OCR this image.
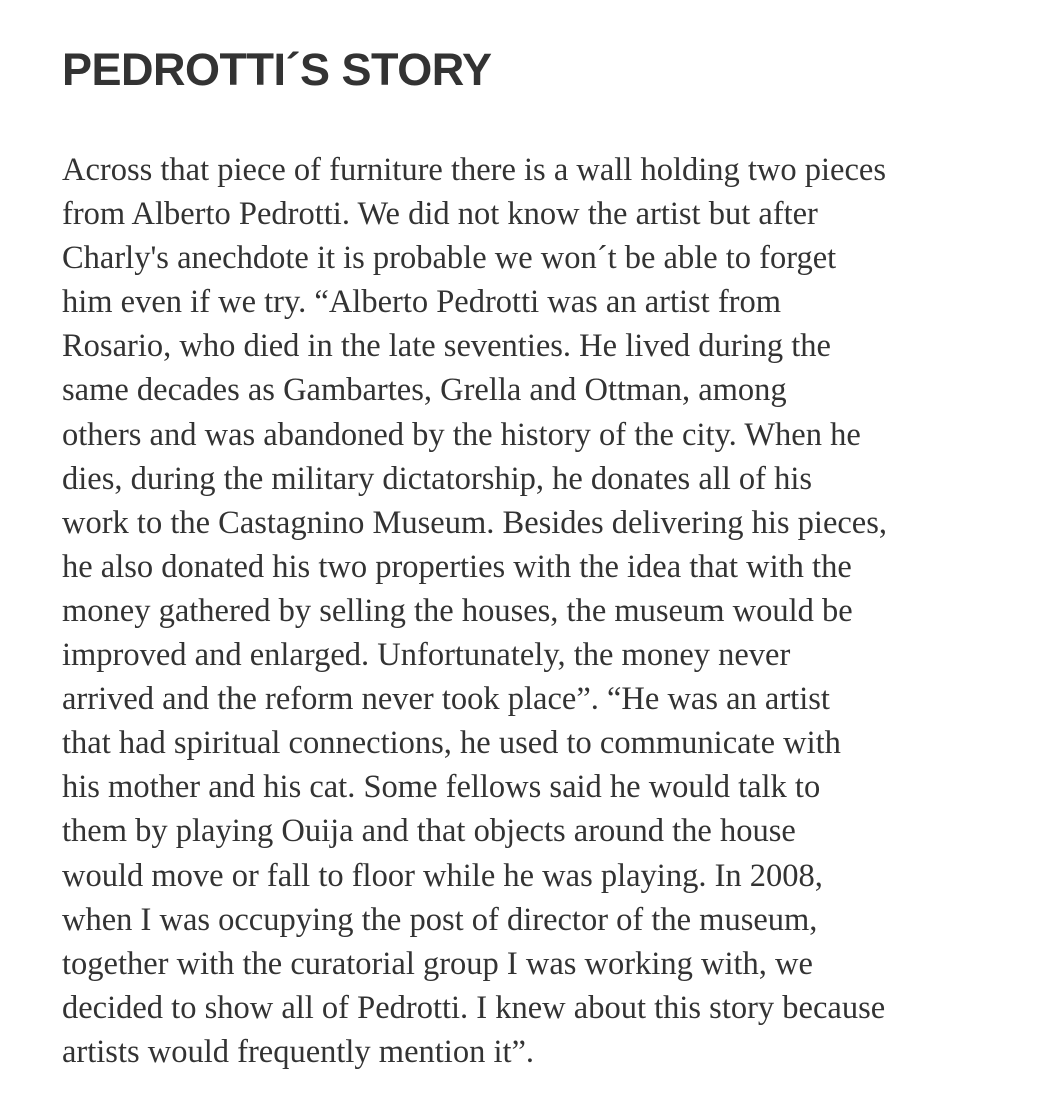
PEDROTTI´S STORY
Across that piece of furniture there is a wall holding two pieces
from Alberto Pedrotti. We did not know the artist but after
Charly's anechdote it is probable we won´t be able to forget
him even if we try. “Alberto Pedrotti was an artist from
Rosario, who died in the late seventies. He lived during the
same decades as Gambartes, Grella and Ottman, among
others and was abandoned by the history of the city. When he
dies, during the military dictatorship, he donates all of his
work to the Castagnino Museum. Besides delivering his pieces,
he also donated his two properties with the idea that with the
money gathered by selling the houses, the museum would be
improved and enlarged. Unfortunately, the money never
arrived and the reform never took place”. “He was an artist
that had spiritual connections, he used to communicate with
his mother and his cat. Some fellows said he would talk to
them by playing Ouija and that objects around the house
would move or fall to floor while he was playing. In 2008,
when I was occupying the post of director of the museum,
together with the curatorial group I was working with, we
decided to show all of Pedrotti. I knew about this story because
artists would frequently mention it”.
